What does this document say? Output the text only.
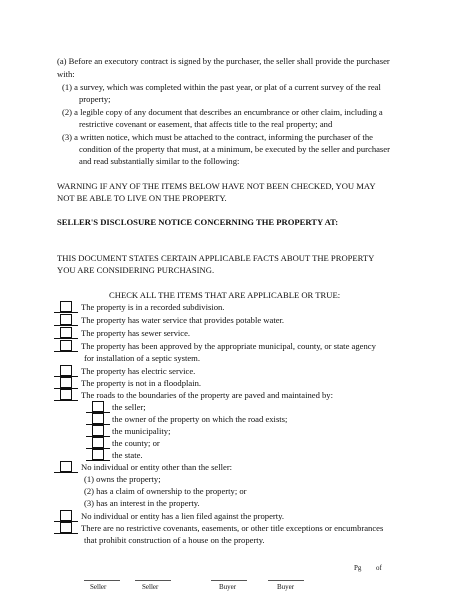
(a) Before an executory contract is signed by the purchaser, the seller shall provide the purchaser
with:
(1) a survey, which was completed within the past year, or plat of a current survey of the real
property;
(2) a legible copy of any document that describes an encumbrance or other claim, including a
restrictive covenant or easement, that affects title to the real property; and
(3) a written notice, which must be attached to the contract, informing the purchaser of the
condition of the property that must, at a minimum, be executed by the seller and purchaser
and read substantially similar to the following:
WARNING IF ANY OF THE ITEMS BELOW HAVE NOT BEEN CHECKED, YOU MAY
NOT BE ABLE TO LIVE ON THE PROPERTY.
SELLER'S DISCLOSURE NOTICE CONCERNING THE PROPERTY AT:
THIS DOCUMENT STATES CERTAIN APPLICABLE FACTS ABOUT THE PROPERTY
YOU ARE CONSIDERING PURCHASING.
CHECK ALL THE ITEMS THAT ARE APPLICABLE OR TRUE:
The property is in a recorded subdivision.
The property has water service that provides potable water.
The property has sewer service.
The property has been approved by the appropriate municipal, county, or state agency
for installation of a septic system.
The property has electric service.
The property is not in a floodplain.
The roads to the boundaries of the property are paved and maintained by:
the seller;
the owner of the property on which the road exists;
the municipality;
the county; or
the state.
No individual or entity other than the seller:
(1) owns the property;
(2) has a claim of ownership to the property; or
(3) has an interest in the property.
No individual or entity has a lien filed against the property.
There are no restrictive covenants, easements, or other title exceptions or encumbrances
that prohibit construction of a house on the property.
Pg of
Seller	Seller	Buyer	Buyer
